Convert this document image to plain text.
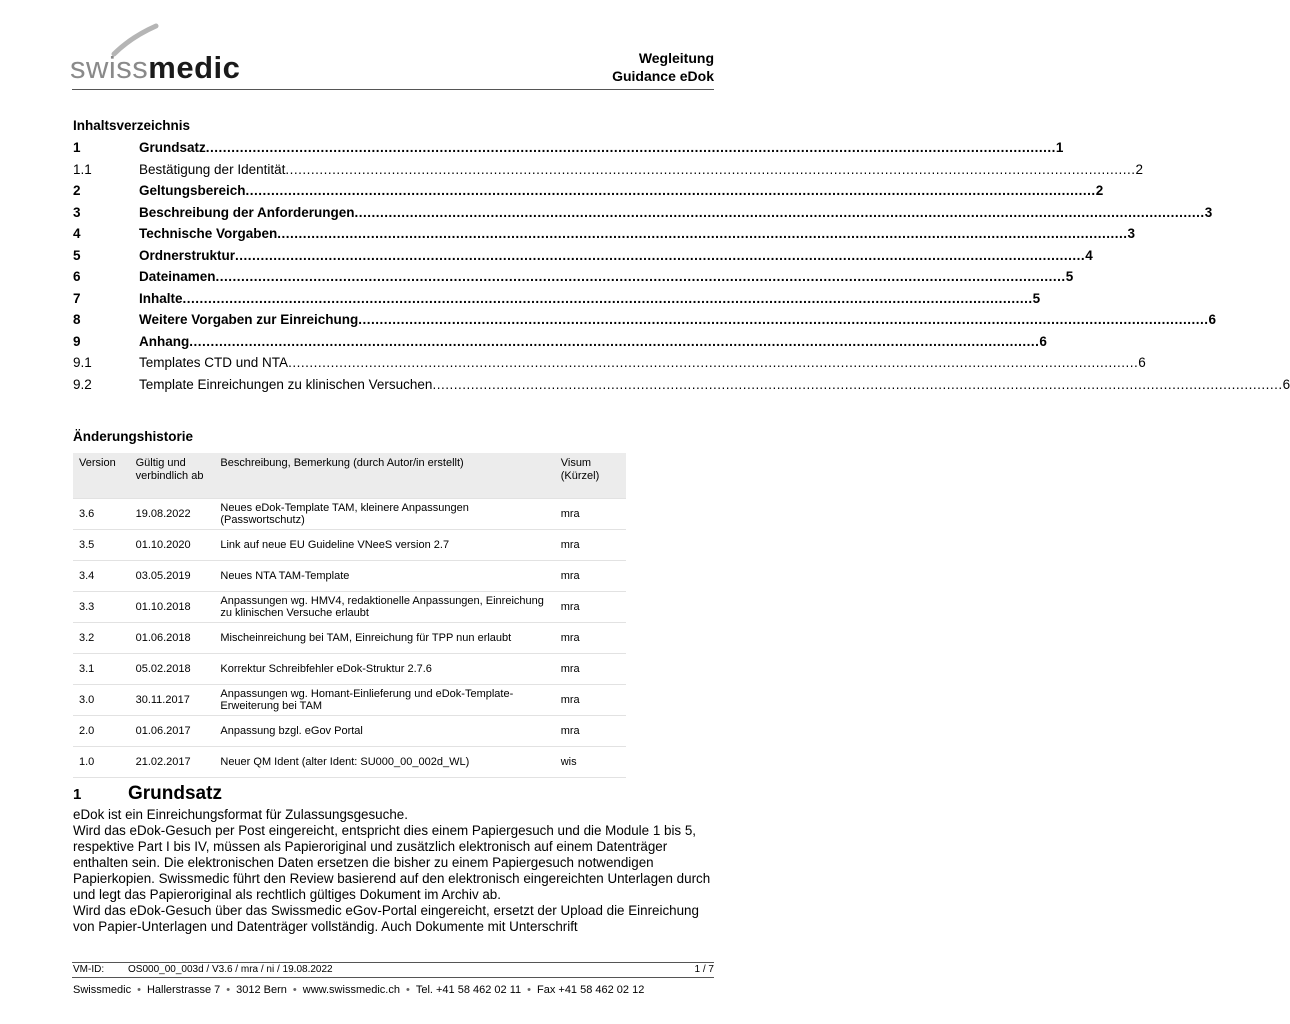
swissmedic	Wegleitung
Guidance eDok
Inhaltsverzeichnis
1	Grundsatz ........................................................................................................................................................................................................ 1
1.1	Bestätigung der Identität ........................................................................................................................................................................................................ 2
2	Geltungsbereich ........................................................................................................................................................................................................ 2
3	Beschreibung der Anforderungen ........................................................................................................................................................................................................ 3
4	Technische Vorgaben ........................................................................................................................................................................................................ 3
5	Ordnerstruktur ........................................................................................................................................................................................................ 4
6	Dateinamen ........................................................................................................................................................................................................ 5
7	Inhalte ........................................................................................................................................................................................................ 5
8	Weitere Vorgaben zur Einreichung ........................................................................................................................................................................................................ 6
9	Anhang ........................................................................................................................................................................................................ 6
9.1	Templates CTD und NTA ........................................................................................................................................................................................................ 6
9.2	Template Einreichungen zu klinischen Versuchen ........................................................................................................................................................................................................ 6
Änderungshistorie
Version	Gültig und verbindlich ab	Beschreibung, Bemerkung (durch Autor/in erstellt)	Visum (Kürzel)
3.6	19.08.2022	Neues eDok-Template TAM, kleinere Anpassungen (Passwortschutz)	mra
3.5	01.10.2020	Link auf neue EU Guideline VNeeS version 2.7	mra
3.4	03.05.2019	Neues NTA TAM-Template	mra
3.3	01.10.2018	Anpassungen wg. HMV4, redaktionelle Anpassungen, Einreichung zu klinischen Versuche erlaubt	mra
3.2	01.06.2018	Mischeinreichung bei TAM, Einreichung für TPP nun erlaubt	mra
3.1	05.02.2018	Korrektur Schreibfehler eDok-Struktur 2.7.6	mra
3.0	30.11.2017	Anpassungen wg. Homant-Einlieferung und eDok-Template-Erweiterung bei TAM	mra
2.0	01.06.2017	Anpassung bzgl. eGov Portal	mra
1.0	21.02.2017	Neuer QM Ident (alter Ident: SU000_00_002d_WL)	wis
1	Grundsatz

eDok ist ein Einreichungsformat für Zulassungsgesuche.

Wird das eDok-Gesuch per Post eingereicht, entspricht dies einem Papiergesuch und die Module 1 bis 5, respektive Part I bis IV, müssen als Papieroriginal und zusätzlich elektronisch auf einem Datenträger enthalten sein. Die elektronischen Daten ersetzen die bisher zu einem Papiergesuch notwendigen Papierkopien. Swissmedic führt den Review basierend auf den elektronisch eingereichten Unterlagen durch und legt das Papieroriginal als rechtlich gültiges Dokument im Archiv ab.

Wird das eDok-Gesuch über das Swissmedic eGov-Portal eingereicht, ersetzt der Upload die Einreichung von Papier-Unterlagen und Datenträger vollständig. Auch Dokumente mit Unterschrift

VM-ID: OS000_00_003d / V3.6 / mra / ni / 19.08.2022	1 / 7
Swissmedic • Hallerstrasse 7 • 3012 Bern • www.swissmedic.ch • Tel. +41 58 462 02 11 • Fax +41 58 462 02 12
